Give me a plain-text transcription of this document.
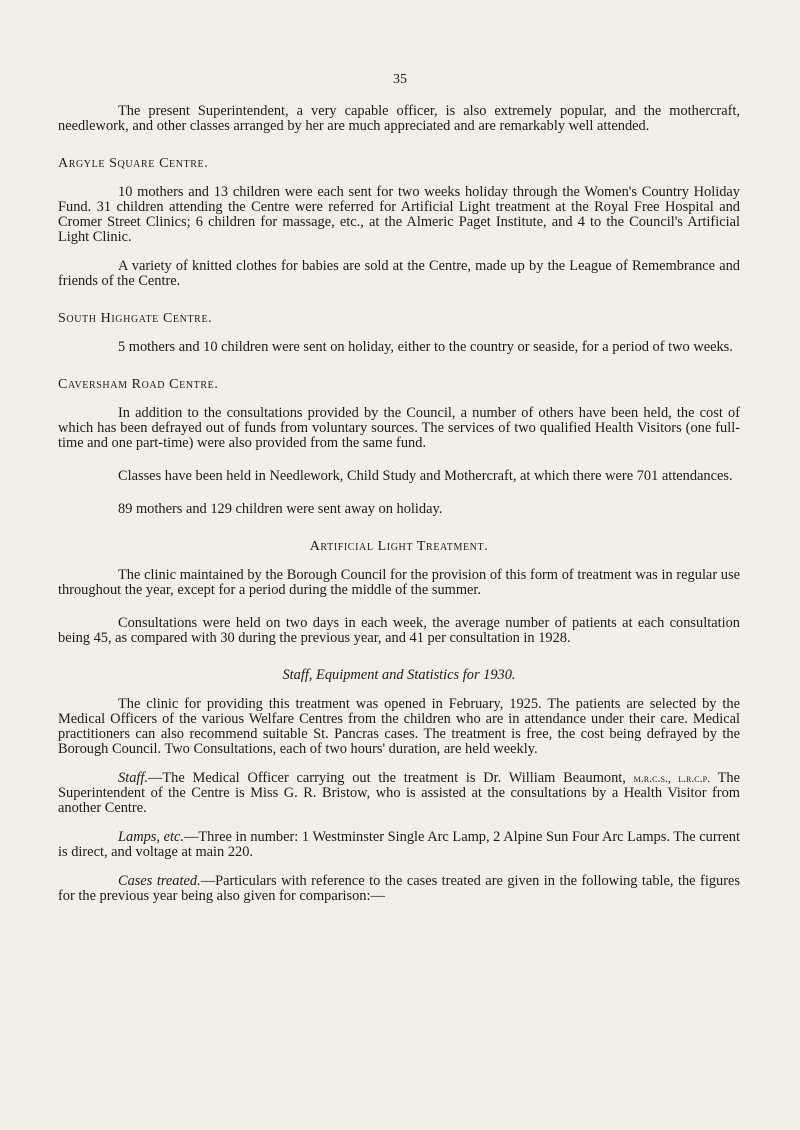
35

The present Superintendent, a very capable officer, is also extremely popular, and the mothercraft, needlework, and other classes arranged by her are much appreciated and are remarkably well attended.

Argyle Square Centre.

10 mothers and 13 children were each sent for two weeks holiday through the Women's Country Holiday Fund. 31 children attending the Centre were referred for Artificial Light treatment at the Royal Free Hospital and Cromer Street Clinics; 6 children for massage, etc., at the Almeric Paget Institute, and 4 to the Council's Artificial Light Clinic.

A variety of knitted clothes for babies are sold at the Centre, made up by the League of Remembrance and friends of the Centre.

South Highgate Centre.

5 mothers and 10 children were sent on holiday, either to the country or seaside, for a period of two weeks.

Caversham Road Centre.

In addition to the consultations provided by the Council, a number of others have been held, the cost of which has been defrayed out of funds from voluntary sources. The services of two qualified Health Visitors (one full-time and one part-time) were also provided from the same fund.

Classes have been held in Needlework, Child Study and Mothercraft, at which there were 701 attendances.

89 mothers and 129 children were sent away on holiday.

Artificial Light Treatment.

The clinic maintained by the Borough Council for the provision of this form of treatment was in regular use throughout the year, except for a period during the middle of the summer.

Consultations were held on two days in each week, the average number of patients at each consultation being 45, as compared with 30 during the previous year, and 41 per consultation in 1928.

Staff, Equipment and Statistics for 1930.

The clinic for providing this treatment was opened in February, 1925. The patients are selected by the Medical Officers of the various Welfare Centres from the children who are in attendance under their care. Medical practitioners can also recommend suitable St. Pancras cases. The treatment is free, the cost being defrayed by the Borough Council. Two Consultations, each of two hours' duration, are held weekly.

Staff.—The Medical Officer carrying out the treatment is Dr. William Beaumont, m.r.c.s., l.r.c.p. The Superintendent of the Centre is Miss G. R. Bristow, who is assisted at the consultations by a Health Visitor from another Centre.

Lamps, etc.—Three in number: 1 Westminster Single Arc Lamp, 2 Alpine Sun Four Arc Lamps. The current is direct, and voltage at main 220.

Cases treated.—Particulars with reference to the cases treated are given in the following table, the figures for the previous year being also given for comparison:—
